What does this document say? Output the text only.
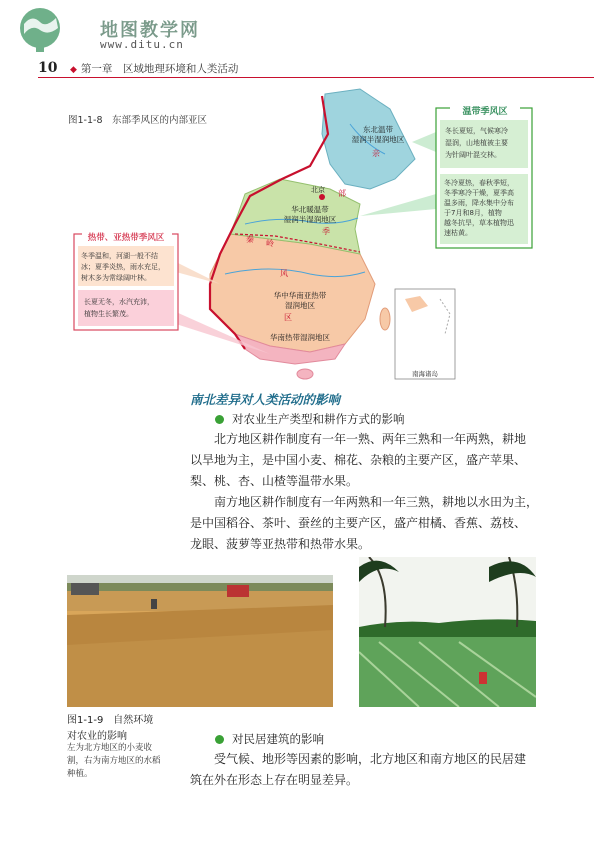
地图教学网
www.ditu.cn
10 ◆ 第一章　区域地理环境和人类活动
图1-1-8　东部季风区的内部亚区
温带季风区
冬长夏短，气候寒冷 湿润，山地植被主要 为针阔叶混交林。
冬冷夏热，春秋季短， 冬季寒冷干燥，夏季高 温多雨，降水集中分布 于7月和8月，植物 越冬抗旱，草本植物迅 速枯黄。
热带、亚热带季风区
冬季温和，河湖一般不结 冰；夏季炎热，雨水充足， 树木多为常绿阔叶林。
长夏无冬，水汽充沛， 植物生长繁茂。
东北温带湿润半湿润地区
华北暖温带湿润半湿润地区
华中华南亚热带湿润地区
华南热带湿润地区
北京
南海诸岛
亲
部
季
秦 岭
风
区
南北差异对人类活动的影响
对农业生产类型和耕作方式的影响
北方地区耕作制度有一年一熟、两年三熟和一年两熟，耕地
以旱地为主，是中国小麦、棉花、杂粮的主要产区，盛产苹果、
梨、桃、杏、山楂等温带水果。
南方地区耕作制度有一年两熟和一年三熟，耕地以水田为主，
是中国稻谷、茶叶、蚕丝的主要产区，盛产柑橘、香蕉、荔枝、
龙眼、菠萝等亚热带和热带水果。
图1-1-9　自然环境
对农业的影响
左为北方地区的小麦收
割，右为南方地区的水稻
种植。
对民居建筑的影响
受气候、地形等因素的影响，北方地区和南方地区的民居建
筑在外在形态上存在明显差异。
